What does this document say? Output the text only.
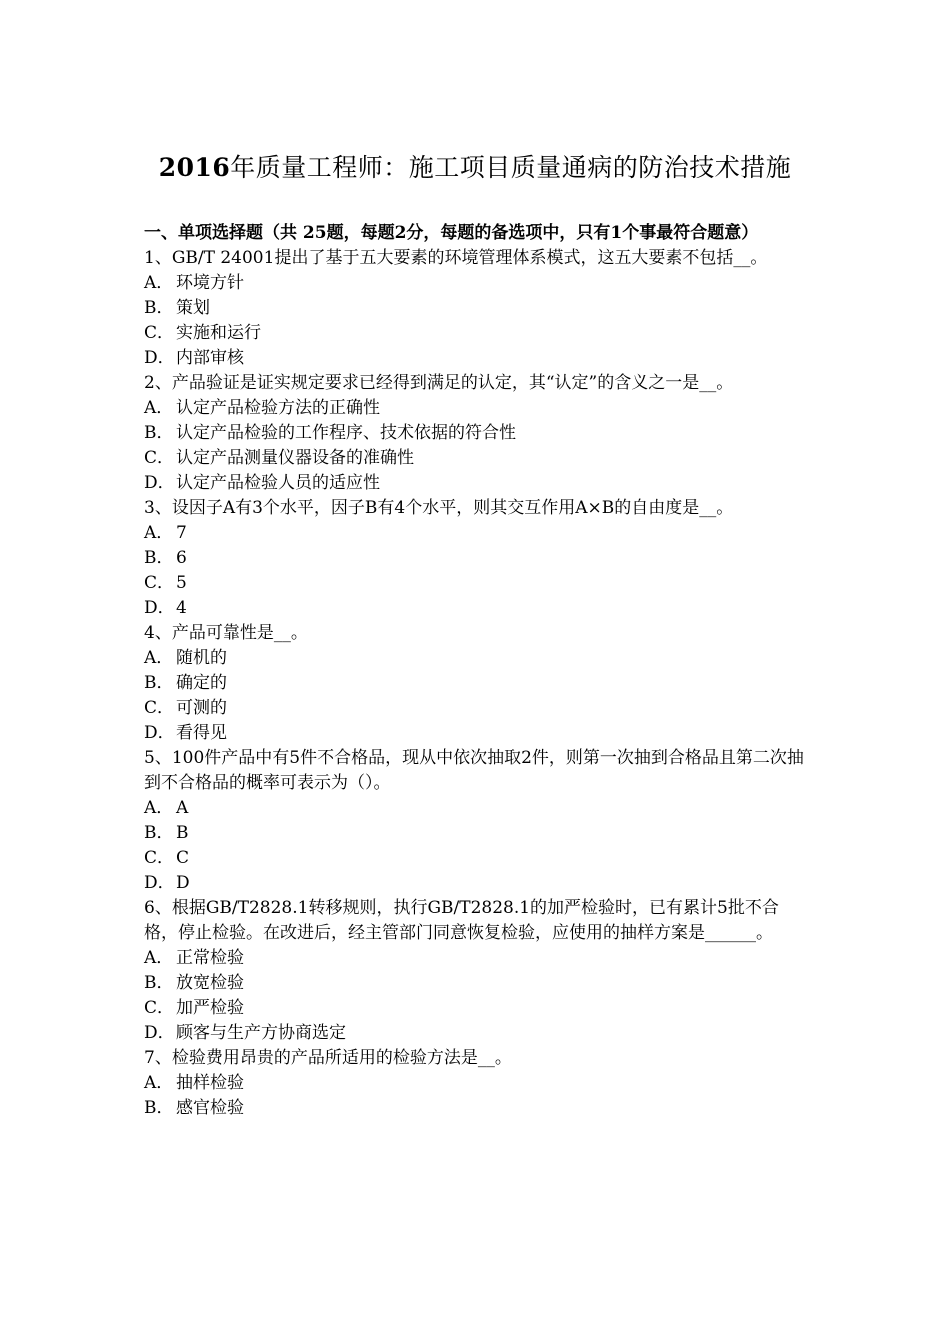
2016年质量工程师：施工项目质量通病的防治技术措施

一、单项选择题（共 25题，每题2分，每题的备选项中，只有1个事最符合题意）

1、GB/T 24001提出了基于五大要素的环境管理体系模式，这五大要素不包括__。

A． 环境方针

B． 策划

C． 实施和运行

D．内部审核

2、产品验证是证实规定要求已经得到满足的认定，其“认定”的含义之一是__。

A． 认定产品检验方法的正确性

B． 认定产品检验的工作程序、技术依据的符合性

C． 认定产品测量仪器设备的准确性

D．认定产品检验人员的适应性

3、设因子A有3个水平，因子B有4个水平，则其交互作用A×B的自由度是__。

A． 7

B． 6

C． 5

D．4

4、产品可靠性是__。

A． 随机的

B． 确定的

C． 可测的

D．看得见

5、100件产品中有5件不合格品，现从中依次抽取2件，则第一次抽到合格品且第二次抽到不合格品的概率可表示为（）。

A． A

B． B

C． C

D．D

6、根据GB/T2828.1转移规则，执行GB/T2828.1的加严检验时，已有累计5批不合格，停止检验。在改进后，经主管部门同意恢复检验，应使用的抽样方案是______。

A． 正常检验

B． 放宽检验

C． 加严检验

D．顾客与生产方协商选定

7、检验费用昂贵的产品所适用的检验方法是__。

A． 抽样检验

B． 感官检验
